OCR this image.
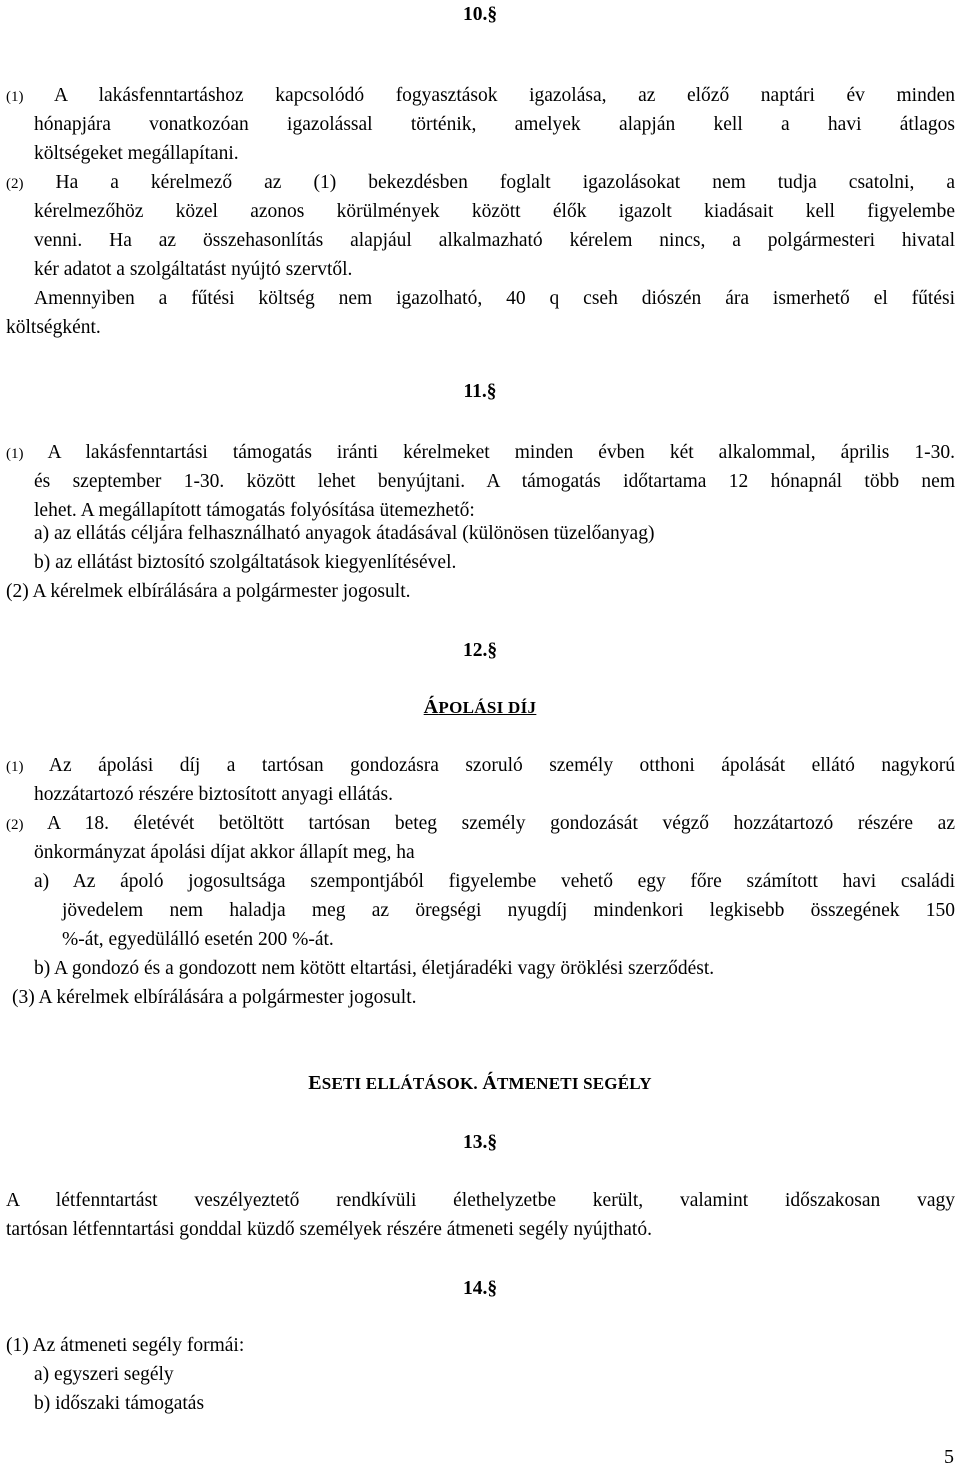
10.§
(1) A lakásfenntartáshoz kapcsolódó fogyasztások igazolása, az előző naptári év minden
hónapjára vonatkozóan igazolással történik, amelyek alapján kell a havi átlagos
költségeket megállapítani.
(2) Ha a kérelmező az (1) bekezdésben foglalt igazolásokat nem tudja csatolni, a
kérelmezőhöz közel azonos körülmények között élők igazolt kiadásait kell figyelembe
venni. Ha az összehasonlítás alapjául alkalmazható kérelem nincs, a polgármesteri hivatal
kér adatot a szolgáltatást nyújtó szervtől.
Amennyiben a fűtési költség nem igazolható, 40 q cseh diószén ára ismerhető el fűtési
költségként.
11.§
(1) A lakásfenntartási támogatás iránti kérelmeket minden évben két alkalommal, április 1-30.
és szeptember 1-30. között lehet benyújtani. A támogatás időtartama 12 hónapnál több nem
lehet. A megállapított támogatás folyósítása ütemezhető:
a) az ellátás céljára felhasználható anyagok átadásával (különösen tüzelőanyag)
b) az ellátást biztosító szolgáltatások kiegyenlítésével.
(2) A kérelmek elbírálására a polgármester jogosult.
12.§
ÁPOLÁSI DÍJ
(1) Az ápolási díj a tartósan gondozásra szoruló személy otthoni ápolását ellátó nagykorú
hozzátartozó részére biztosított anyagi ellátás.
(2) A 18. életévét betöltött tartósan beteg személy gondozását végző hozzátartozó részére az
önkormányzat ápolási díjat akkor állapít meg, ha
a) Az ápoló jogosultsága szempontjából figyelembe vehető egy főre számított havi családi
jövedelem nem haladja meg az öregségi nyugdíj mindenkori legkisebb összegének 150
%-át, egyedülálló esetén 200 %-át.
b) A gondozó és a gondozott nem kötött eltartási, életjáradéki vagy öröklési szerződést.
(3) A kérelmek elbírálására a polgármester jogosult.
ESETI ELLÁTÁSOK. ÁTMENETI SEGÉLY
13.§
A létfenntartást veszélyeztető rendkívüli élethelyzetbe került, valamint időszakosan vagy
tartósan létfenntartási gonddal küzdő személyek részére átmeneti segély nyújtható.
14.§
(1) Az átmeneti segély formái:
a) egyszeri segély
b) időszaki támogatás
5
